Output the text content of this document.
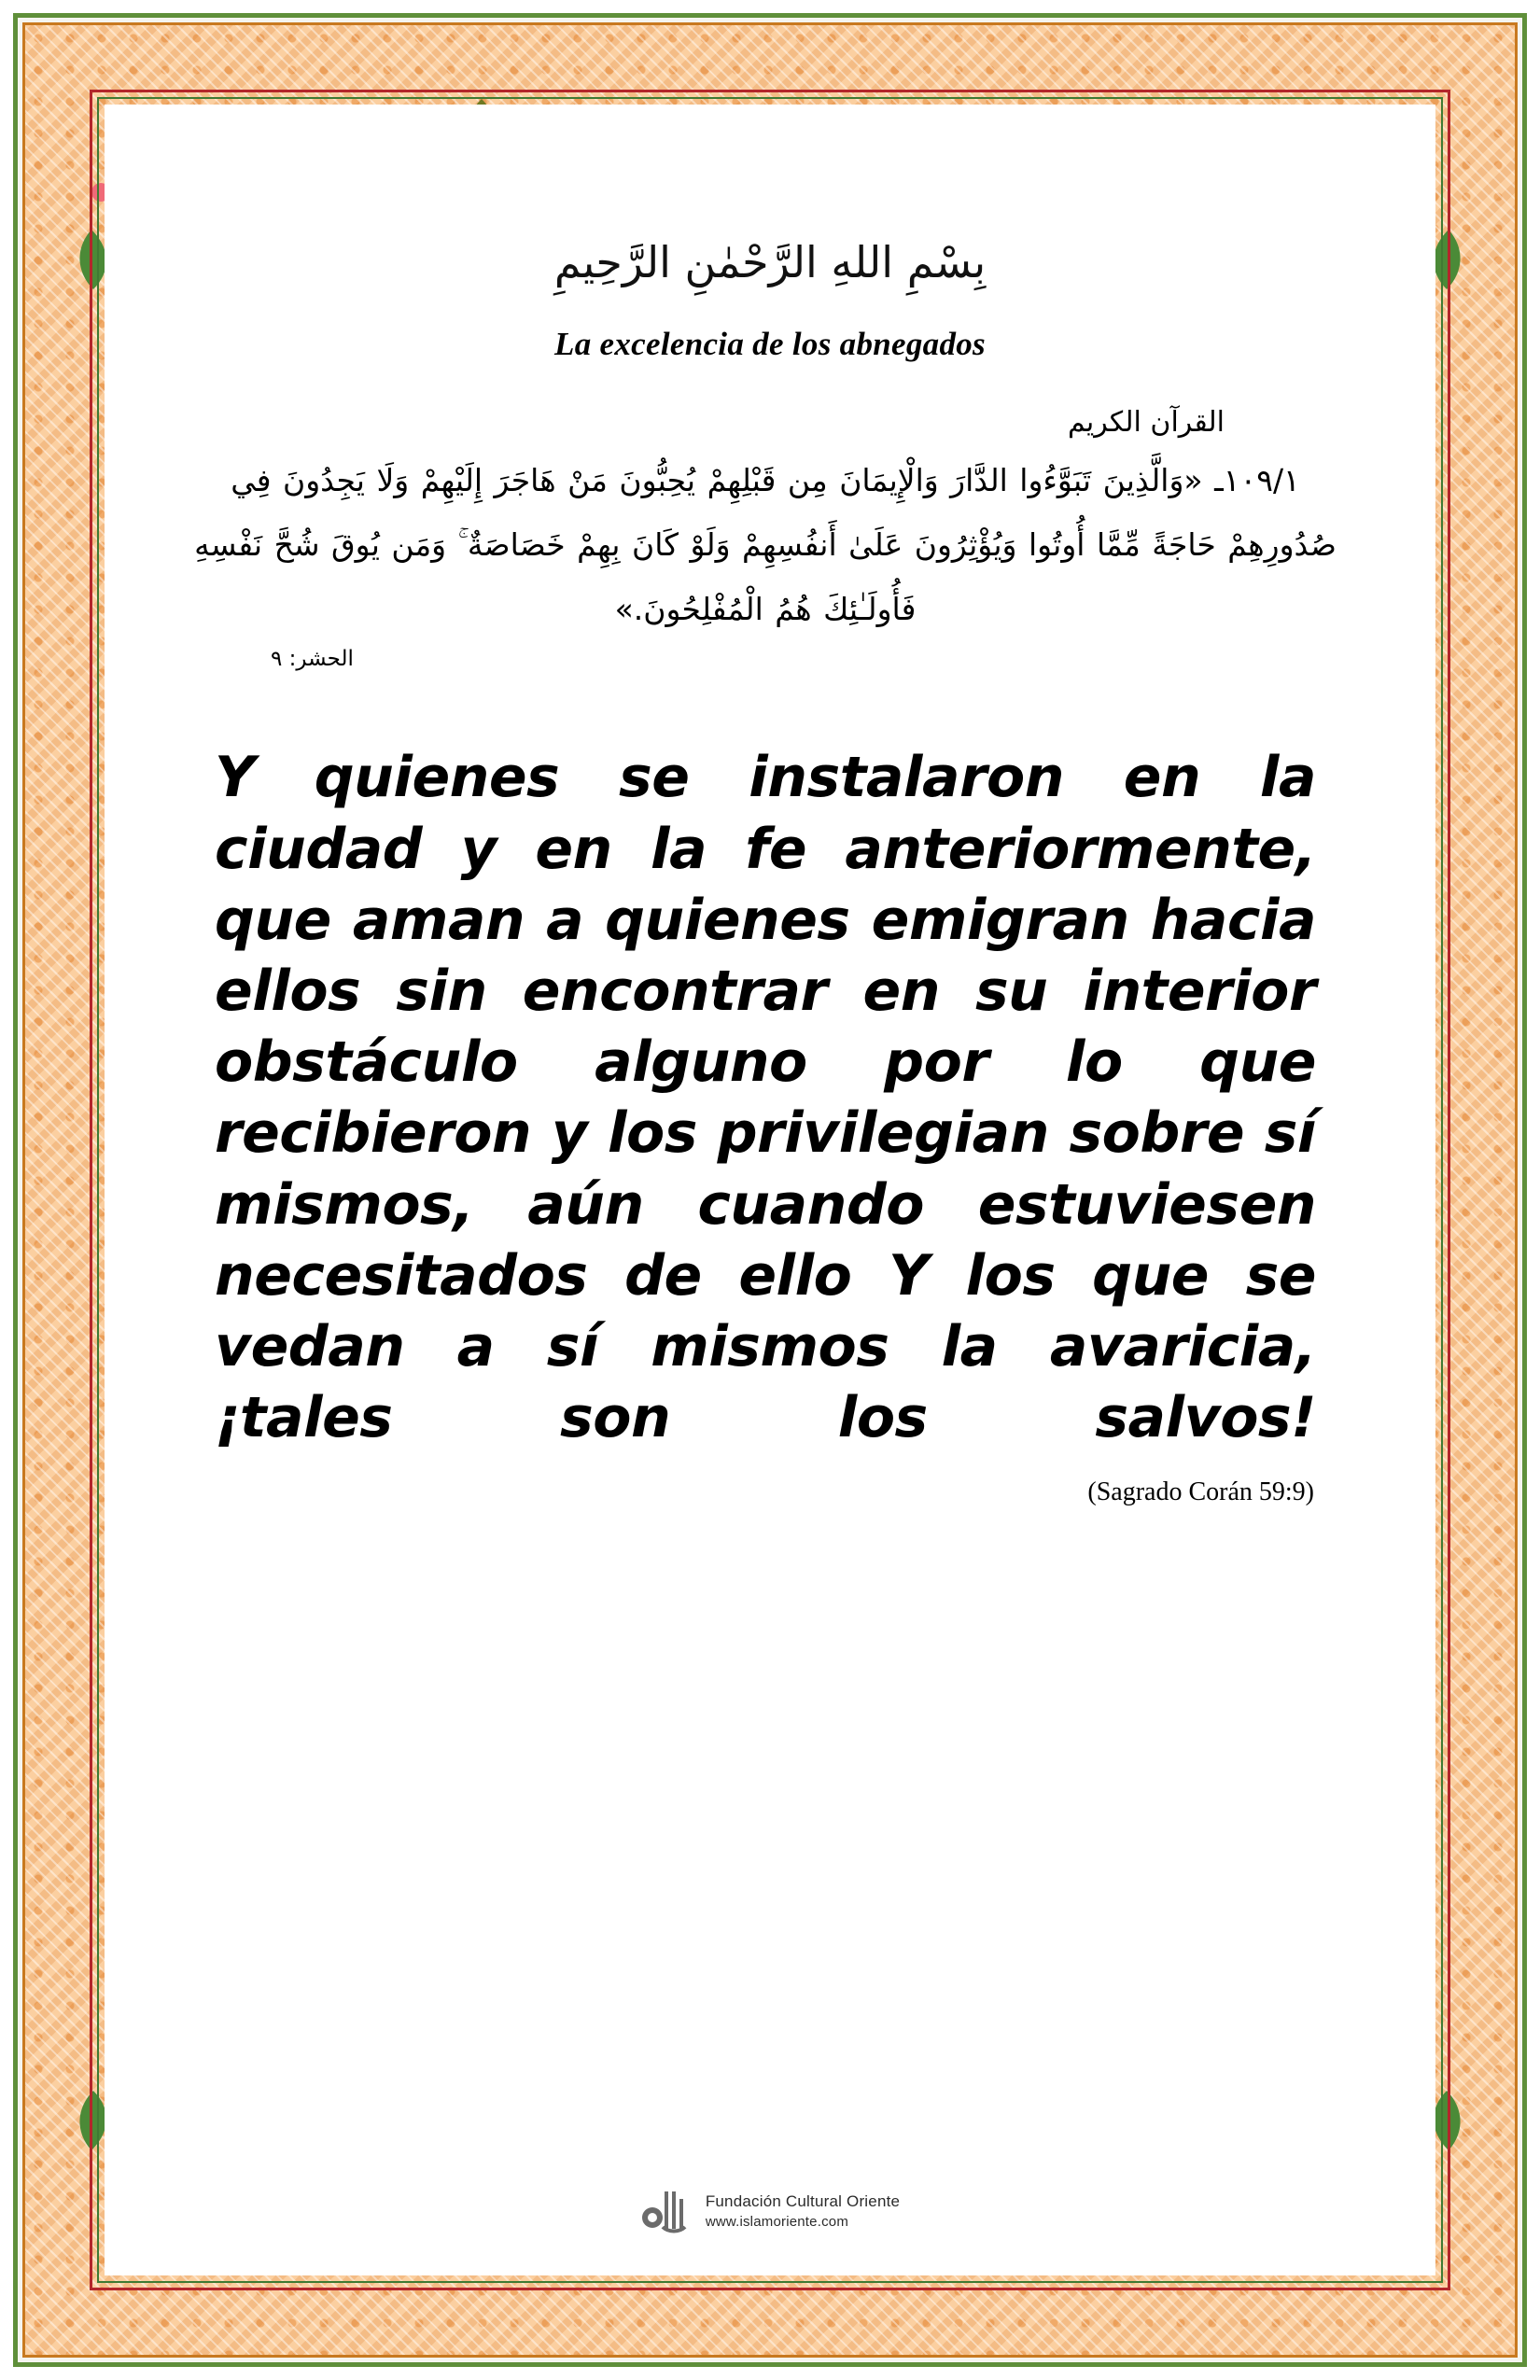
بِسْمِ اللهِ الرَّحْمٰنِ الرَّحِيمِ
La excelencia de los abnegados
القرآن الكريم
١٠٩/١ـ «وَالَّذِينَ تَبَوَّءُوا الدَّارَ وَالْإِيمَانَ مِن قَبْلِهِمْ يُحِبُّونَ مَنْ هَاجَرَ إِلَيْهِمْ وَلَا يَجِدُونَ فِي صُدُورِهِمْ حَاجَةً مِّمَّا أُوتُوا وَيُؤْثِرُونَ عَلَىٰ أَنفُسِهِمْ وَلَوْ كَانَ بِهِمْ خَصَاصَةٌ ۚ وَمَن يُوقَ شُحَّ نَفْسِهِ فَأُولَـٰئِكَ هُمُ الْمُفْلِحُونَ.»
الحشر: ٩
Y quienes se instalaron en la ciudad y en la fe anteriormente, que aman a quienes emigran hacia ellos sin encontrar en su interior obstáculo alguno por lo que recibieron y los privilegian sobre sí mismos, aún cuando estuviesen necesitados de ello Y los que se vedan a sí mismos la avaricia, ¡tales son los salvos!
(Sagrado Corán 59:9)
Fundación Cultural Oriente
www.islamoriente.com
